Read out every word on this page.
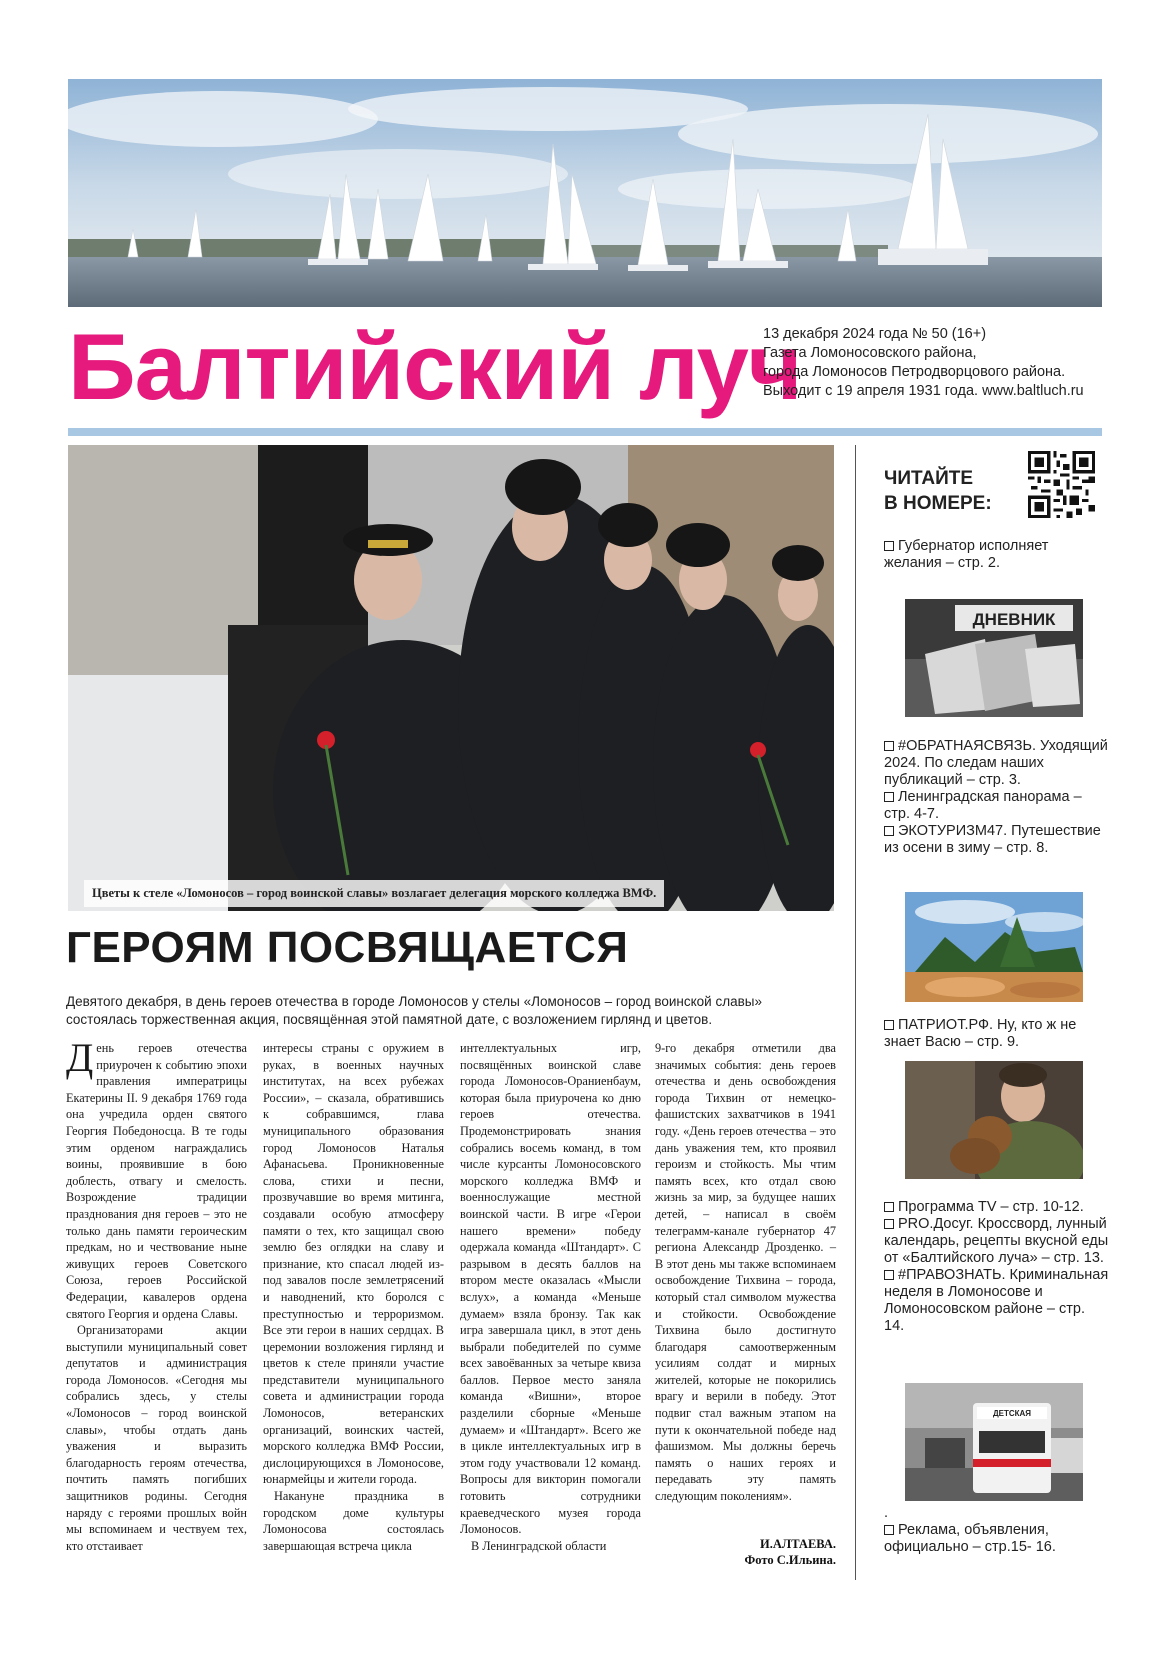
Балтийский луч
13 декабря 2024 года № 50 (16+)
Газета Ломоносовского района,
города Ломоносов Петродворцового района.
Выходит с 19 апреля 1931 года. www.baltluch.ru
Цветы к стеле «Ломоносов – город воинской славы» возлагает делегация морского колледжа ВМФ.
ГЕРОЯМ ПОСВЯЩАЕТСЯ
Девятого декабря, в день героев отечества в городе Ломоносов у стелы «Ломоносов – город воинской славы» состоялась торжественная акция, посвящённая этой памятной дате, с возложением гирлянд и цветов.

День героев отечества приурочен к событию эпохи правления императрицы Екатерины II. 9 декабря 1769 года она учредила орден святого Георгия Победоносца. В те годы этим орденом награждались воины, проявившие в бою доблесть, отвагу и смелость. Возрождение традиции празднования дня героев – это не только дань памяти героическим предкам, но и чествование ныне живущих героев Советского Союза, героев Российской Федерации, кавалеров ордена святого Георгия и ордена Славы.

Организаторами акции выступили муниципальный совет депутатов и администрация города Ломоносов. «Сегодня мы собрались здесь, у стелы «Ломоносов – город воинской славы», чтобы отдать дань уважения и выразить благодарность героям отечества, почтить память погибших защитников родины. Сегодня наряду с героями прошлых войн мы вспоминаем и чествуем тех, кто отстаивает

интересы страны с оружием в руках, в военных научных институтах, на всех рубежах России», – сказала, обратившись к собравшимся, глава муниципального образования город Ломоносов Наталья Афанасьева. Проникновенные слова, стихи и песни, прозвучавшие во время митинга, создавали особую атмосферу памяти о тех, кто защищал свою землю без оглядки на славу и признание, кто спасал людей из-под завалов после землетрясений и наводнений, кто боролся с преступностью и терроризмом. Все эти герои в наших сердцах. В церемонии возложения гирлянд и цветов к стеле приняли участие представители муниципального совета и администрации города Ломоносов, ветеранских организаций, воинских частей, морского колледжа ВМФ России, дислоцирующихся в Ломоносове, юнармейцы и жители города.

Накануне праздника в городском доме культуры Ломоносова состоялась завершающая встреча цикла

интеллектуальных игр, посвящённых воинской славе города Ломоносов-Ораниенбаум, которая была приурочена ко дню героев отечества. Продемонстрировать знания собрались восемь команд, в том числе курсанты Ломоносовского морского колледжа ВМФ и военнослужащие местной воинской части. В игре «Герои нашего времени» победу одержала команда «Штандарт». С разрывом в десять баллов на втором месте оказалась «Мысли вслух», а команда «Меньше думаем» взяла бронзу. Так как игра завершала цикл, в этот день выбрали победителей по сумме всех завоёванных за четыре квиза баллов. Первое место заняла команда «Вишни», второе разделили сборные «Меньше думаем» и «Штандарт». Всего же в цикле интеллектуальных игр в этом году участвовали 12 команд. Вопросы для викторин помогали готовить сотрудники краеведческого музея города Ломоносов.

В Ленинградской области

9-го декабря отметили два значимых события: день героев отечества и день освобождения города Тихвин от немецко-фашистских захватчиков в 1941 году. «День героев отечества – это дань уважения тем, кто проявил героизм и стойкость. Мы чтим память всех, кто отдал свою жизнь за мир, за будущее наших детей, – написал в своём телеграмм-канале губернатор 47 региона Александр Дрозденко. – В этот день мы также вспоминаем освобождение Тихвина – города, который стал символом мужества и стойкости. Освобождение Тихвина было достигнуто благодаря самоотверженным усилиям солдат и мирных жителей, которые не покорились врагу и верили в победу. Этот подвиг стал важным этапом на пути к окончательной победе над фашизмом. Мы должны беречь память о наших героях и передавать эту память следующим поколениям».

И.АЛТАЕВА.
Фото С.Ильина.
ЧИТАЙТЕ
В НОМЕРЕ:
Губернатор исполняет желания – стр. 2.
ДНЕВНИК
#ОБРАТНАЯСВЯЗЬ. Уходящий 2024. По следам наших публикаций – стр. 3.
Ленинградская панорама – стр. 4-7.
ЭКОТУРИЗМ47. Путешествие из осени в зиму – стр. 8.
ПАТРИОТ.РФ. Ну, кто ж не знает Васю – стр. 9.
Программа TV – стр. 10-12.
PRO.Досуг. Кроссворд, лунный календарь, рецепты вкусной еды от «Балтийского луча» – стр. 13.
#ПРАВОЗНАТЬ. Криминальная неделя в Ломоносове и Ломоносовском районе – стр. 14.
ДЕТСКАЯ
.
Реклама, объявления, официально – стр.15- 16.
